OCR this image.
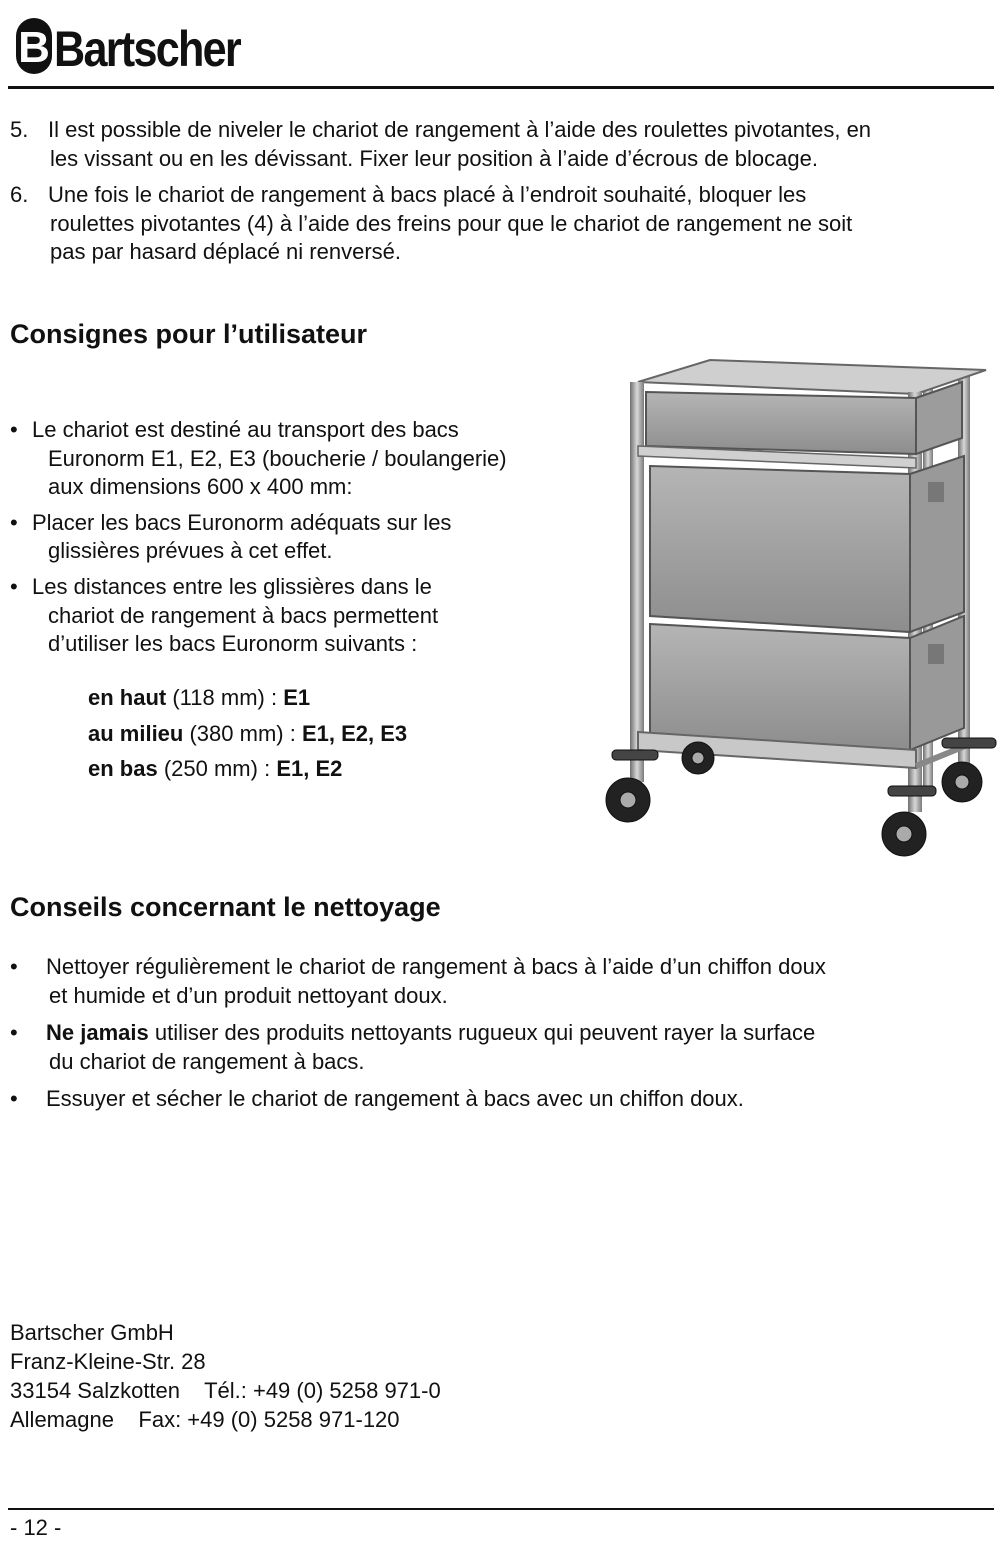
B Bartscher
5. Il est possible de niveler le chariot de rangement à l’aide des roulettes pivotantes, en
les vissant ou en les dévissant. Fixer leur position à l’aide d’écrous de blocage.
6. Une fois le chariot de rangement à bacs placé à l’endroit souhaité, bloquer les
roulettes pivotantes (4) à l’aide des freins pour que le chariot de rangement ne soit
pas par hasard déplacé ni renversé.
Consignes pour l’utilisateur
• Le chariot est destiné au transport des bacs
Euronorm E1, E2, E3 (boucherie / boulangerie)
aux dimensions 600 x 400 mm:
• Placer les bacs Euronorm adéquats sur les
glissières prévues à cet effet.
• Les distances entre les glissières dans le
chariot de rangement à bacs permettent
d’utiliser les bacs Euronorm suivants :
en haut (118 mm) : E1
au milieu (380 mm) : E1, E2, E3
en bas (250 mm) : E1, E2
Conseils concernant le nettoyage
•	Nettoyer régulièrement le chariot de rangement à bacs à l’aide d’un chiffon doux
et humide et d’un produit nettoyant doux.
•	Ne jamais utiliser des produits nettoyants rugueux qui peuvent rayer la surface
du chariot de rangement à bacs.
•	Essuyer et sécher le chariot de rangement à bacs avec un chiffon doux.
Bartscher GmbH
Franz-Kleine-Str. 28
33154 Salzkotten    Tél.: +49 (0) 5258 971-0
Allemagne    Fax: +49 (0) 5258 971-120
- 12 -
